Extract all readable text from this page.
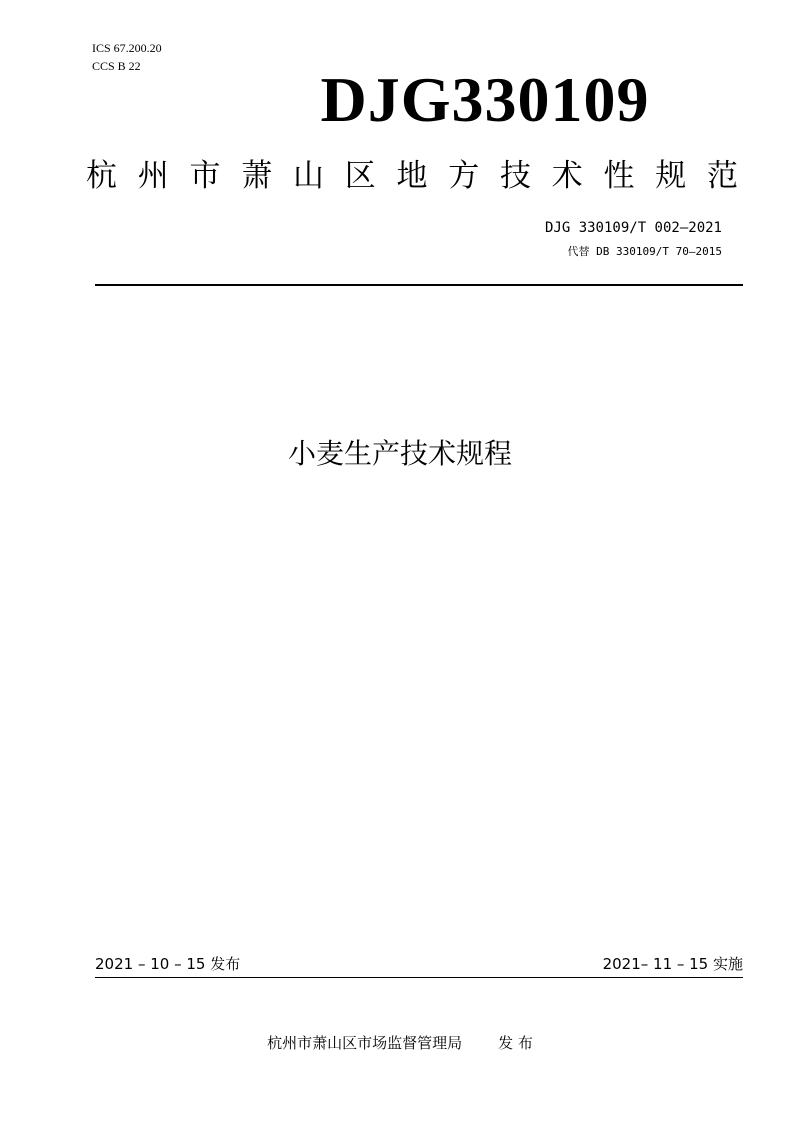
ICS 67.200.20
CCS B 22	DJG330109
杭 州 市 萧 山 区 地 方 技 术 性 规 范
DJG 330109/T 002—2021
代替 DB 330109/T 70—2015
小麦生产技术规程
2021 – 10 – 15 发布	2021– 11 – 15 实施
杭州市萧山区市场监督管理局 发 布
